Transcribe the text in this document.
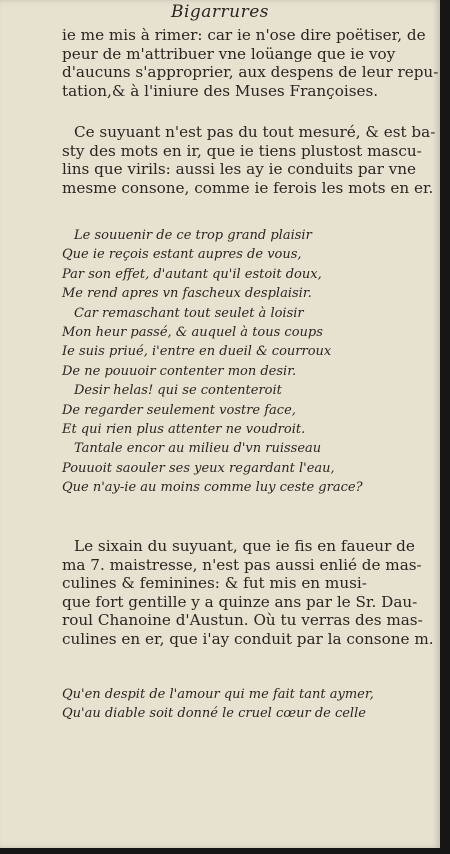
Bigarrures
ie me mis à rimer: car ie n'ose dire poëtiser, de
peur de m'attribuer vne loüange que ie voy
d'aucuns s'approprier, aux despens de leur repu-
tation,& à l'iniure des Muses Françoises.
Ce suyuant n'est pas du tout mesuré, & est ba-
sty des mots en ir, que ie tiens plustost mascu-
lins que virils: aussi les ay ie conduits par vne
mesme consone, comme ie ferois les mots en er.
Le souuenir de ce trop grand plaisir
Que ie reçois estant aupres de vous,
Par son effet, d'autant qu'il estoit doux,
Me rend apres vn fascheux desplaisir.
Car remaschant tout seulet à loisir
Mon heur passé, & auquel à tous coups
Ie suis priué, i'entre en dueil & courroux
De ne pouuoir contenter mon desir.
Desir helas! qui se contenteroit
De regarder seulement vostre face,
Et qui rien plus attenter ne voudroit.
Tantale encor au milieu d'vn ruisseau
Pouuoit saouler ses yeux regardant l'eau,
Que n'ay-ie au moins comme luy ceste grace?
Le sixain du suyuant, que ie fis en faueur de
ma 7. maistresse, n'est pas aussi enlié de mas-
culines & feminines: & fut mis en musi-
que fort gentille y a quinze ans par le Sr. Dau-
roul Chanoine d'Austun. Où tu verras des mas-
culines en er, que i'ay conduit par la consone m.
Qu'en despit de l'amour qui me fait tant aymer,
Qu'au diable soit donné le cruel cœur de celle
